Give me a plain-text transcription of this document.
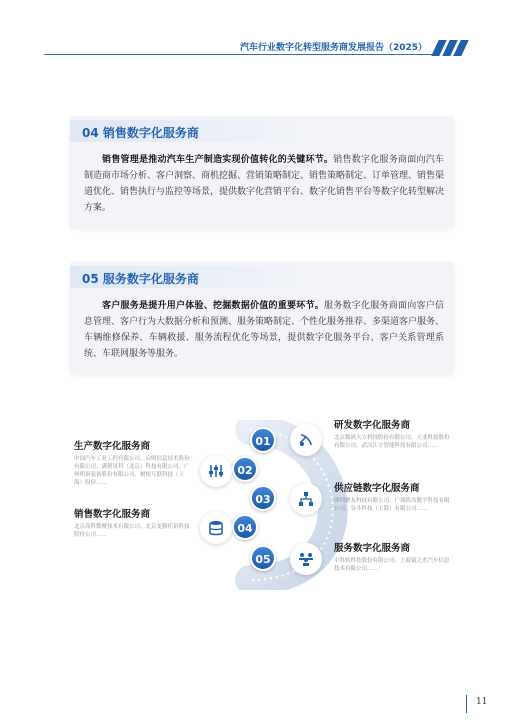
汽车行业数字化转型服务商发展报告（2025）
04 销售数字化服务商
销售管理是推动汽车生产制造实现价值转化的关键环节。销售数字化服务商面向汽车制造商市场分析、客户洞察、商机挖掘、营销策略制定、销售策略制定、订单管理、销售渠道优化、销售执行与监控等场景，提供数字化营销平台、数字化销售平台等数字化转型解决方案。
05 服务数字化服务商
客户服务是提升用户体验、挖掘数据价值的重要环节。服务数字化服务商面向客户信息管理、客户行为大数据分析和预测、服务策略制定、个性化服务推荐、多渠道客户服务、车辆维修保养、车辆救援、服务流程优化等场景，提供数字化服务平台、客户关系管理系统、车联网服务等服务。
01
02
03
04
05
研发数字化服务商
北京数码大方科技股份有限公司、天亚科技股份有限公司、武汉江字智能科技有限公司……
供应链数字化服务商
深圳聚友科技有限公司、广域铭岛数字科技有限公司、谷斗科技（上海）有限公司……
服务数字化服务商
中科软科技股份有限公司、上海寰之杰汽车信息技术有限公司……
生产数字化服务商
中国汽车工业工程有限公司、启明信息技术股份有限公司、满帮讯科（北京）科技有限公司、广州明珞装备股份有限公司、树根互联科技（上海）股份……
销售数字化服务商
北京高科数聚技术有限公司、北京龙腾佳讯科技股份公司……
11
